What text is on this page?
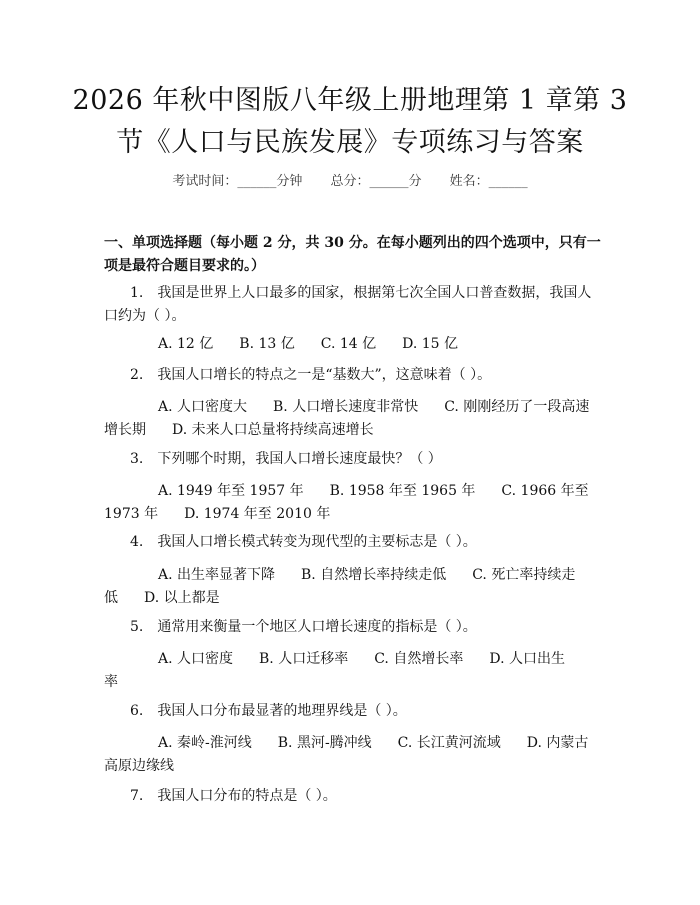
2026 年秋中图版八年级上册地理第 1 章第 3
节《人口与民族发展》专项练习与答案
考试时间：______分钟 总分：______分 姓名：______
一、单项选择题（每小题 2 分，共 30 分。在每小题列出的四个选项中，只有一项是最符合题目要求的。）
1.　我国是世界上人口最多的国家，根据第七次全国人口普查数据，我国人口约为（ ）。
A. 12 亿 B. 13 亿 C. 14 亿 D. 15 亿
2.　我国人口增长的特点之一是“基数大”，这意味着（ ）。
A. 人口密度大 B. 人口增长速度非常快 C. 刚刚经历了一段高速增长期 D. 未来人口总量将持续高速增长
3.　下列哪个时期，我国人口增长速度最快？（ ）
A. 1949 年至 1957 年 B. 1958 年至 1965 年 C. 1966 年至 1973 年 D. 1974 年至 2010 年
4.　我国人口增长模式转变为现代型的主要标志是（ ）。
A. 出生率显著下降 B. 自然增长率持续走低 C. 死亡率持续走低 D. 以上都是
5.　通常用来衡量一个地区人口增长速度的指标是（ ）。
A. 人口密度 B. 人口迁移率 C. 自然增长率 D. 人口出生率
6.　我国人口分布最显著的地理界线是（ ）。
A. 秦岭-淮河线 B. 黑河-腾冲线 C. 长江黄河流域 D. 内蒙古高原边缘线
7.　我国人口分布的特点是（ ）。
